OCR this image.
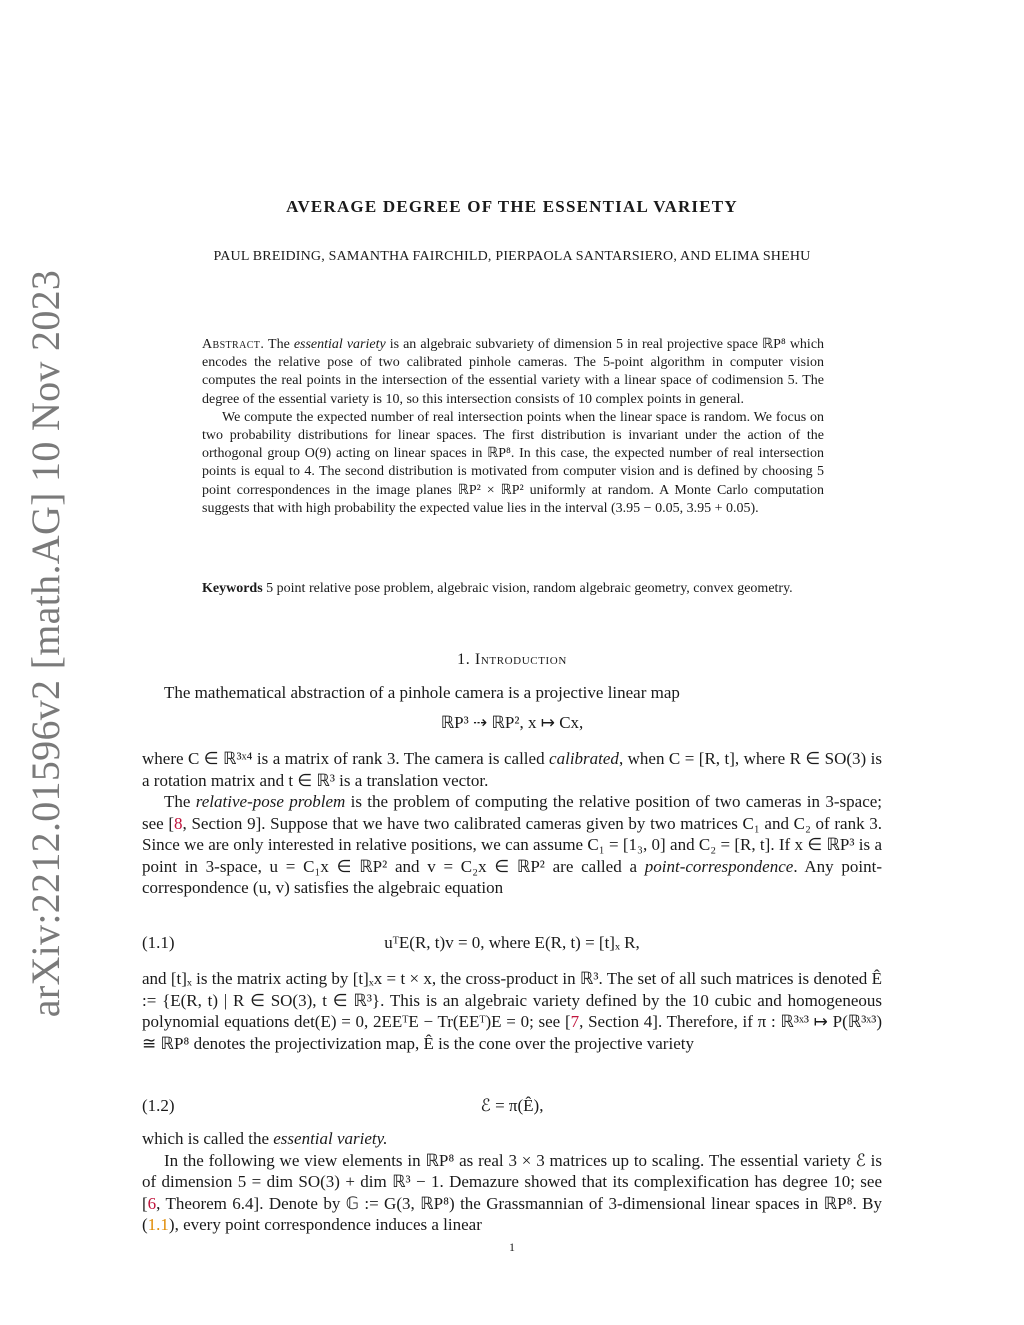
arXiv:2212.01596v2 [math.AG] 10 Nov 2023
AVERAGE DEGREE OF THE ESSENTIAL VARIETY
PAUL BREIDING, SAMANTHA FAIRCHILD, PIERPAOLA SANTARSIERO, AND ELIMA SHEHU

Abstract. The essential variety is an algebraic subvariety of dimension 5 in real projective space ℝP⁸ which encodes the relative pose of two calibrated pinhole cameras. The 5-point algorithm in computer vision computes the real points in the intersection of the essential variety with a linear space of codimension 5. The degree of the essential variety is 10, so this intersection consists of 10 complex points in general.

We compute the expected number of real intersection points when the linear space is random. We focus on two probability distributions for linear spaces. The first distribution is invariant under the action of the orthogonal group O(9) acting on linear spaces in ℝP⁸. In this case, the expected number of real intersection points is equal to 4. The second distribution is motivated from computer vision and is defined by choosing 5 point correspondences in the image planes ℝP² × ℝP² uniformly at random. A Monte Carlo computation suggests that with high probability the expected value lies in the interval (3.95 − 0.05, 3.95 + 0.05).

Keywords 5 point relative pose problem, algebraic vision, random algebraic geometry, convex geometry.
1. Introduction

The mathematical abstraction of a pinhole camera is a projective linear map

ℝP³ ⇢ ℝP², x ↦ Cx,

where C ∈ ℝ³ˣ⁴ is a matrix of rank 3. The camera is called calibrated, when C = [R, t], where R ∈ SO(3) is a rotation matrix and t ∈ ℝ³ is a translation vector.

The relative-pose problem is the problem of computing the relative position of two cameras in 3-space; see [8, Section 9]. Suppose that we have two calibrated cameras given by two matrices C₁ and C₂ of rank 3. Since we are only interested in relative positions, we can assume C₁ = [1₃, 0] and C₂ = [R, t]. If x ∈ ℝP³ is a point in 3-space, u = C₁x ∈ ℝP² and v = C₂x ∈ ℝP² are called a point-correspondence. Any point-correspondence (u, v) satisfies the algebraic equation

(1.1)	uᵀE(R, t)v = 0, where E(R, t) = [t]ₓ R,

and [t]ₓ is the matrix acting by [t]ₓx = t × x, the cross-product in ℝ³. The set of all such matrices is denoted Ê := {E(R, t) | R ∈ SO(3), t ∈ ℝ³}. This is an algebraic variety defined by the 10 cubic and homogeneous polynomial equations det(E) = 0, 2EEᵀE − Tr(EEᵀ)E = 0; see [7, Section 4]. Therefore, if π : ℝ³ˣ³ ↦ P(ℝ³ˣ³) ≅ ℝP⁸ denotes the projectivization map, Ê is the cone over the projective variety

(1.2)	ℰ = π(Ê),

which is called the essential variety.

In the following we view elements in ℝP⁸ as real 3 × 3 matrices up to scaling. The essential variety ℰ is of dimension 5 = dim SO(3) + dim ℝ³ − 1. Demazure showed that its complexification has degree 10; see [6, Theorem 6.4]. Denote by 𝔾 := G(3, ℝP⁸) the Grassmannian of 3-dimensional linear spaces in ℝP⁸. By (1.1), every point correspondence induces a linear

1
